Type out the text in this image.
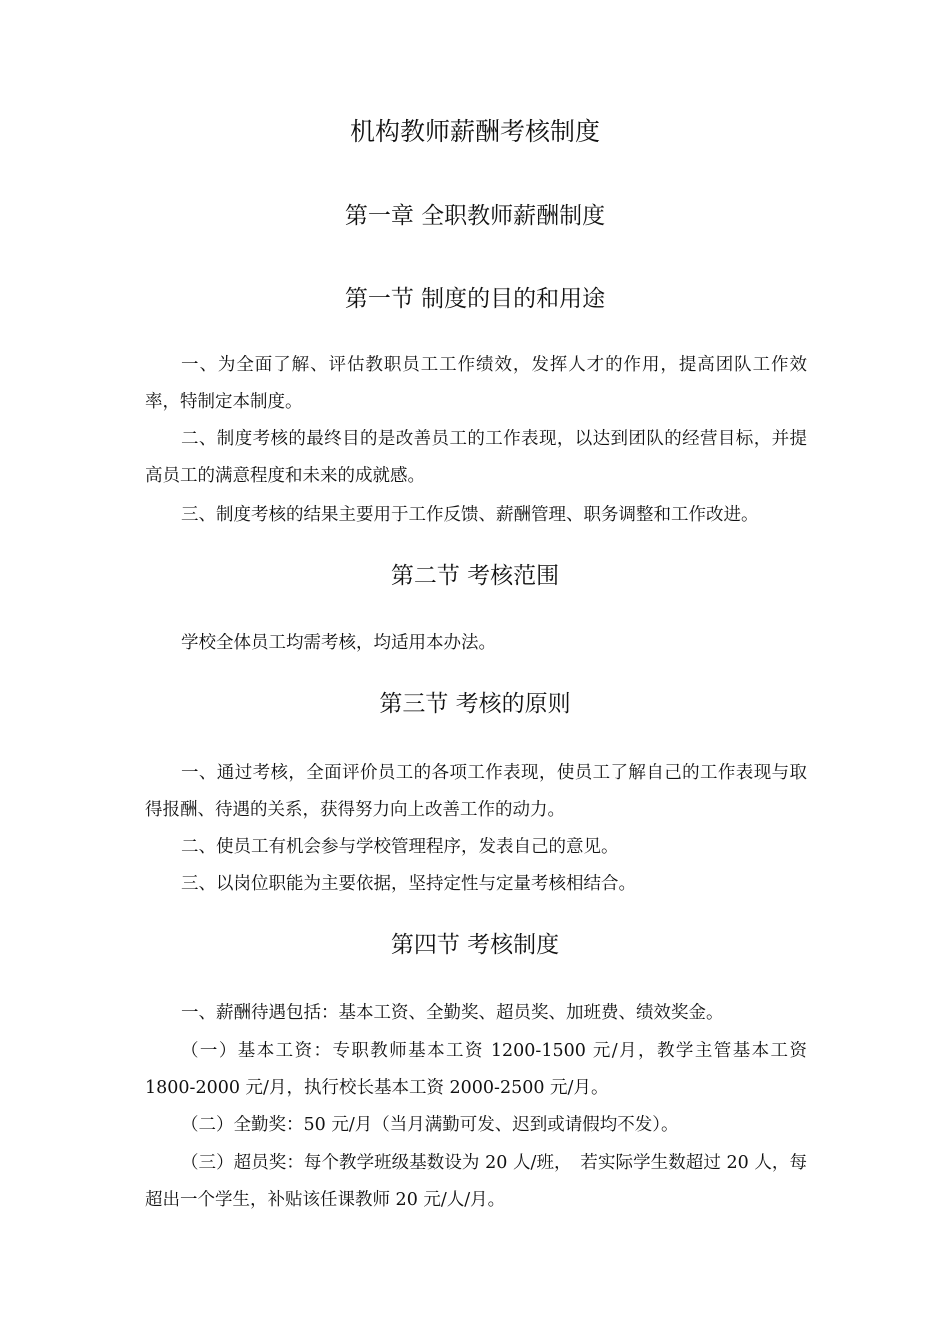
机构教师薪酬考核制度
第一章 全职教师薪酬制度
第一节 制度的目的和用途

一、为全面了解、评估教职员工工作绩效，发挥人才的作用，提高团队工作效率，特制定本制度。

二、制度考核的最终目的是改善员工的工作表现，以达到团队的经营目标，并提高员工的满意程度和未来的成就感。

三、制度考核的结果主要用于工作反馈、薪酬管理、职务调整和工作改进。

第二节 考核范围

学校全体员工均需考核，均适用本办法。

第三节 考核的原则

一、通过考核，全面评价员工的各项工作表现，使员工了解自己的工作表现与取得报酬、待遇的关系，获得努力向上改善工作的动力。

二、使员工有机会参与学校管理程序，发表自己的意见。

三、以岗位职能为主要依据，坚持定性与定量考核相结合。

第四节 考核制度

一、薪酬待遇包括：基本工资、全勤奖、超员奖、加班费、绩效奖金。

（一）基本工资：专职教师基本工资 1200-1500 元/月，教学主管基本工资 1800-2000 元/月，执行校长基本工资 2000-2500 元/月。

（二）全勤奖：50 元/月（当月满勤可发、迟到或请假均不发）。

（三）超员奖：每个教学班级基数设为 20 人/班，　若实际学生数超过 20 人，每超出一个学生，补贴该任课教师 20 元/人/月。
